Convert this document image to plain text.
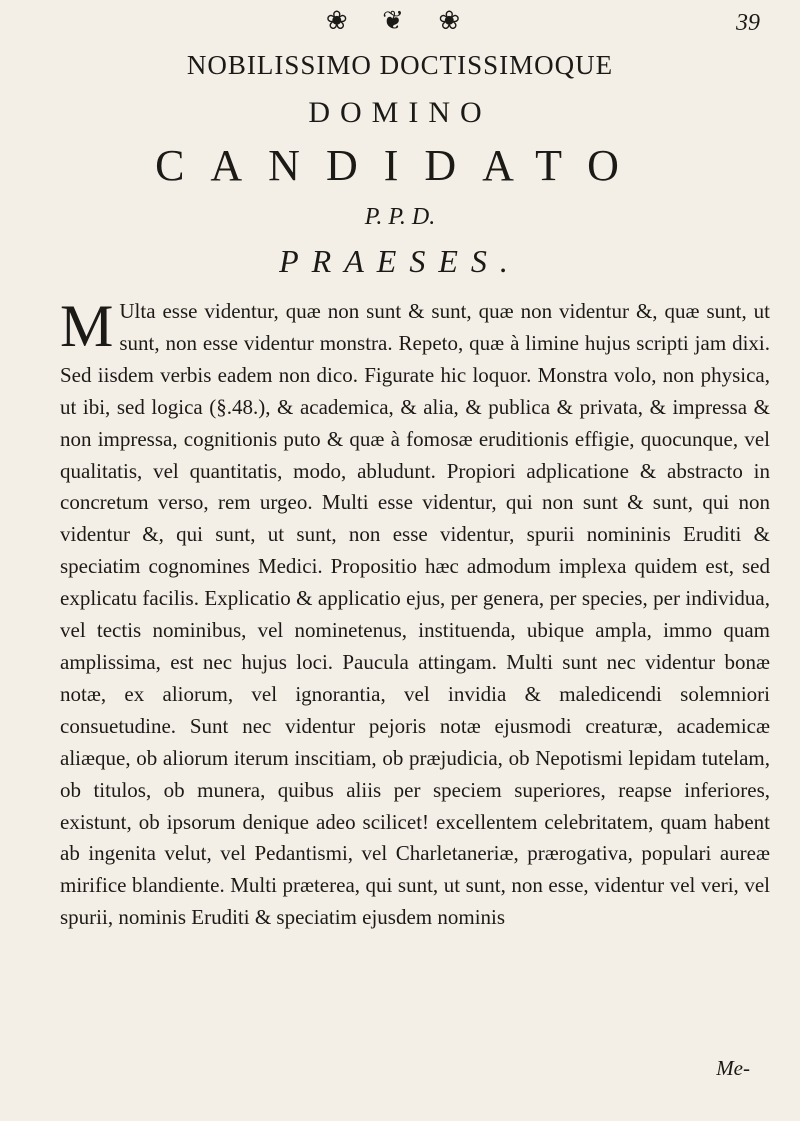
❀ ❦ ❀	39
NOBILISSIMO DOCTISSIMOQUE
DOMINO
CANDIDATO
P. P. D.
PRAESES.
M Ulta esse videntur, quæ non sunt & sunt, quæ non videntur &, quæ sunt, ut sunt, non esse videntur monstra. Repeto, quæ à limine hujus scripti jam dixi. Sed iisdem verbis eadem non dico. Figurate hic loquor. Monstra volo, non physica, ut ibi, sed logica (§.48.), & academica, & alia, & publica & privata, & impressa & non impressa, cognitionis puto & quæ à fomosæ eruditionis effigie, quocunque, vel qualitatis, vel quantitatis, modo, abludunt. Propiori adplicatione & abstracto in concretum verso, rem urgeo. Multi esse videntur, qui non sunt & sunt, qui non videntur &, qui sunt, ut sunt, non esse videntur, spurii nomininis Eruditi & speciatim cognomines Medici. Propositio hæc admodum implexa quidem est, sed explicatu facilis. Explicatio & applicatio ejus, per genera, per species, per individua, vel tectis nominibus, vel nominetenus, instituenda, ubique ampla, immo quam amplissima, est nec hujus loci. Paucula attingam. Multi sunt nec videntur bonæ notæ, ex aliorum, vel ignorantia, vel invidia & maledicendi solemniori consuetudine. Sunt nec videntur pejoris notæ ejusmodi creaturæ, academicæ aliæque, ob aliorum iterum inscitiam, ob præjudicia, ob Nepotismi lepidam tutelam, ob titulos, ob munera, quibus aliis per speciem superiores, reapse inferiores, existunt, ob ipsorum denique adeo scilicet! excellentem celebritatem, quam habent ab ingenita velut, vel Pedantismi, vel Charletaneriæ, prærogativa, populari aureæ mirifice blandiente. Multi præterea, qui sunt, ut sunt, non esse, videntur vel veri, vel spurii, nominis Eruditi & speciatim ejusdem nominis
Me-
